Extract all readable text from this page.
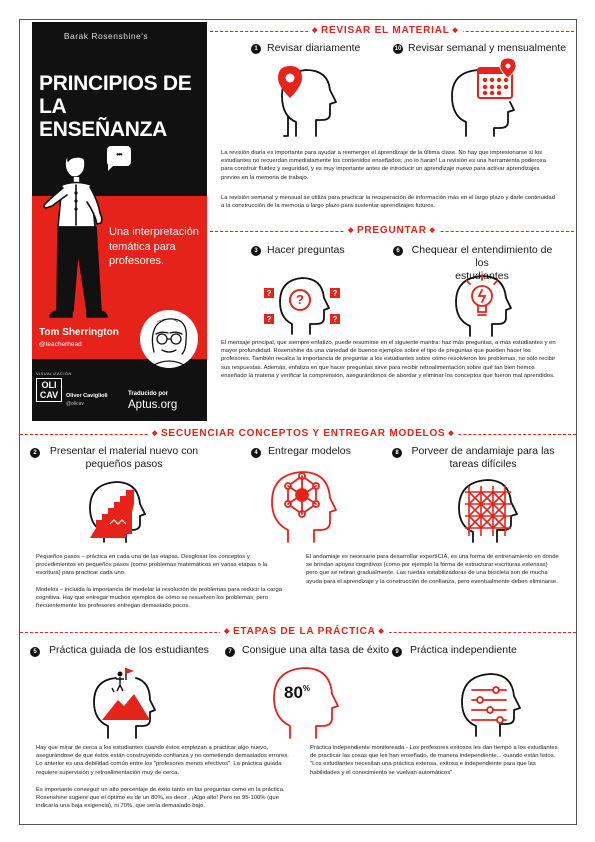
Barak Rosenshine's
PRINCIPIOS DE LA
ENSEÑANZA
•••
Una interpretación
temática para
profesores.
Tom Sherrington
@teacherhead
VISUALIZACIÓN
OLI
CAV	Oliver Caviglioli
@olicav
Traducido por
Aptus.org
◆ REVISAR EL MATERIAL ◆
1 Revisar diariamente	10 Revisar semanal y mensualmente
La revisión diaria es importante para ayudar a reemerger el aprendizaje de la última clase. No hay que impresionarse si los estudiantes no recuerdan inmediatamente los contenidos enseñados; ¡no lo harán! La revisión es una herramienta poderosa para construir fluidez y seguridad, y es muy importante antes de introducir un aprendizaje nuevo para activar aprendizajes previos en la memoria de trabajo.
La revisión semanal y mensual se utiliza para practicar la recuperación de información más en el largo plazo y darle continuidad a la construcción de la memoria a largo plazo para sustentar aprendizajes futuros.
◆ PREGUNTAR ◆
3 Hacer preguntas	6	Chequear el entendimiento de los
estudiantes
?
?
?
?
?
El mensaje principal, que siempre enfatizo, puede resumirse en el siguiente mantra: haz más preguntas, a más estudiantes y en mayor profundidad. Rosenshine da una variedad de buenos ejemplos sobre el tipo de preguntas que pueden hacer los profesores. También recalca la importancia de preguntar a los estudiantes sobre cómo resolvieron los problemas, no sólo recibir sus respuestas. Además, enfatiza en que hacer preguntas sirve para recibir retroalimentación sobre qué tan bien hemos enseñado la materia y verificar la comprensión, asegurándonos de abordar y eliminar los conceptos que fueron mal aprendidos.
◆ SECUENCIAR CONCEPTOS Y ENTREGAR MODELOS ◆
2	Presentar el material nuevo con
pequeños pasos
4 Entregar modelos	8	Porveer de andamiaje para las
tareas difíciles
Pequeños pasos – práctica en cada una de las etapas. Desglosar los conceptos y procedimientos en pequeños pasos (como problemas matemáticos en varias etapas o la escritura) para practicar cada uno.
Modelos – incluida la importancia de modelar la resolución de problemas para reducir la carga cognitiva. Hay que entregar muchos ejemplos de cómo se resuelven los problemas; pero frecuentemente los profesores entregan demasiado pocos.
El andamiaje es necesario para desarrollar expertICIA, es una forma de entrenamiento en donde se brindan apoyos cognitivos (como por ejemplo la forma de estructurar escrituras extensas) pero que se retiran gradualmente. Las ruedas estabilizadoras de una bicicleta son de mucha ayuda para el aprendizaje y la construcción de confianza, pero eventualmente deben eliminarse.
◆ ETAPAS DE LA PRÁCTICA ◆
5	Práctica guiada de los estudiantes	7 Consigue una alta tasa de éxito	9	Práctica independiente
80%
Hay que mirar de cerca a los estudiantes cuando éstos empiezan a practicar algo nuevo, asegurándose de que éstos están construyendo confianza y no cometiendo demasiados errores. Lo anterior es una debilidad común entre los "profesores menos efectivos". La práctica guiada requiere supervisión y retroalimentación muy de cerca.
Es importante conseguir un alto porcentaje de éxito tanto en las preguntas como en la práctica. Rosenshine sugiere que el óptimo es de un 80%, es decir , ¡Algo alto! Pero no 95-100% (que indicaría una baja exigencia), ni 70%, que sería demasiado bajo.
Práctica independiente monitoreada - Los profesores exitosos les dan tiempo a los estudiantes de practicar las cosas que les han enseñado, de manera independiente... cuando están listos. "Los estudiantes necesitan una práctica extensa, exitosa e independiente para que las habilidades y el conocimiento se vuelvan automáticos"
